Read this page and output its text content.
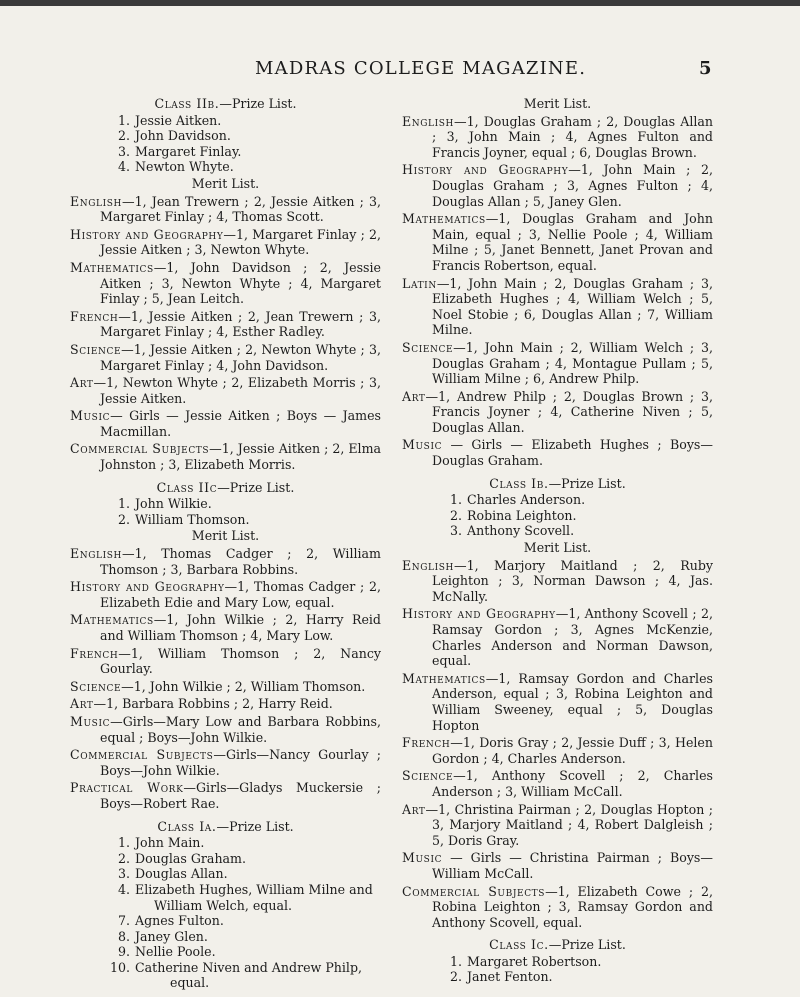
MADRAS COLLEGE MAGAZINE.	5
Class IIb.—Prize List.
1. Jessie Aitken.
2. John Davidson.
3. Margaret Finlay.
4. Newton Whyte.
Merit List.
English—1, Jean Trewern ; 2, Jessie Aitken ; 3, Margaret Finlay ; 4, Thomas Scott.
History and Geography—1, Margaret Finlay ; 2, Jessie Aitken ; 3, Newton Whyte.
Mathematics—1, John Davidson ; 2, Jessie Aitken ; 3, Newton Whyte ; 4, Margaret Finlay ; 5, Jean Leitch.
French—1, Jessie Aitken ; 2, Jean Trewern ; 3, Margaret Finlay ; 4, Esther Radley.
Science—1, Jessie Aitken ; 2, Newton Whyte ; 3, Margaret Finlay ; 4, John Davidson.
Art—1, Newton Whyte ; 2, Elizabeth Morris ; 3, Jessie Aitken.
Music— Girls — Jessie Aitken ; Boys — James Macmillan.
Commercial Subjects—1, Jessie Aitken ; 2, Elma Johnston ; 3, Elizabeth Morris.
Class IIc—Prize List.
1. John Wilkie.
2. William Thomson.
Merit List.
English—1, Thomas Cadger ; 2, William Thomson ; 3, Barbara Robbins.
History and Geography—1, Thomas Cadger ; 2, Elizabeth Edie and Mary Low, equal.
Mathematics—1, John Wilkie ; 2, Harry Reid and William Thomson ; 4, Mary Low.
French—1, William Thomson ; 2, Nancy Gourlay.
Science—1, John Wilkie ; 2, William Thomson.
Art—1, Barbara Robbins ; 2, Harry Reid.
Music—Girls—Mary Low and Barbara Robbins, equal ; Boys—John Wilkie.
Commercial Subjects—Girls—Nancy Gourlay ; Boys—John Wilkie.
Practical Work—Girls—Gladys Muckersie ; Boys—Robert Rae.
Class Ia.—Prize List.
1. John Main.
2. Douglas Graham.
3. Douglas Allan.
4. Elizabeth Hughes, William Milne and
William Welch, equal.
7. Agnes Fulton.
8. Janey Glen.
9. Nellie Poole.
10. Catherine Niven and Andrew Philp,
equal.
Merit List.
English—1, Douglas Graham ; 2, Douglas Allan ; 3, John Main ; 4, Agnes Fulton and Francis Joyner, equal ; 6, Douglas Brown.
History and Geography—1, John Main ; 2, Douglas Graham ; 3, Agnes Fulton ; 4, Douglas Allan ; 5, Janey Glen.
Mathematics—1, Douglas Graham and John Main, equal ; 3, Nellie Poole ; 4, William Milne ; 5, Janet Bennett, Janet Provan and Francis Robertson, equal.
Latin—1, John Main ; 2, Douglas Graham ; 3, Elizabeth Hughes ; 4, William Welch ; 5, Noel Stobie ; 6, Douglas Allan ; 7, William Milne.
Science—1, John Main ; 2, William Welch ; 3, Douglas Graham ; 4, Montague Pullam ; 5, William Milne ; 6, Andrew Philp.
Art—1, Andrew Philp ; 2, Douglas Brown ; 3, Francis Joyner ; 4, Catherine Niven ; 5, Douglas Allan.
Music — Girls — Elizabeth Hughes ; Boys—Douglas Graham.
Class Ib.—Prize List.
1. Charles Anderson.
2. Robina Leighton.
3. Anthony Scovell.
Merit List.
English—1, Marjory Maitland ; 2, Ruby Leighton ; 3, Norman Dawson ; 4, Jas. McNally.
History and Geography—1, Anthony Scovell ; 2, Ramsay Gordon ; 3, Agnes McKenzie, Charles Anderson and Norman Dawson, equal.
Mathematics—1, Ramsay Gordon and Charles Anderson, equal ; 3, Robina Leighton and William Sweeney, equal ; 5, Douglas Hopton
French—1, Doris Gray ; 2, Jessie Duff ; 3, Helen Gordon ; 4, Charles Anderson.
Science—1, Anthony Scovell ; 2, Charles Anderson ; 3, William McCall.
Art—1, Christina Pairman ; 2, Douglas Hopton ; 3, Marjory Maitland ; 4, Robert Dalgleish ; 5, Doris Gray.
Music — Girls — Christina Pairman ; Boys—William McCall.
Commercial Subjects—1, Elizabeth Cowe ; 2, Robina Leighton ; 3, Ramsay Gordon and Anthony Scovell, equal.
Class Ic.—Prize List.
1. Margaret Robertson.
2. Janet Fenton.
